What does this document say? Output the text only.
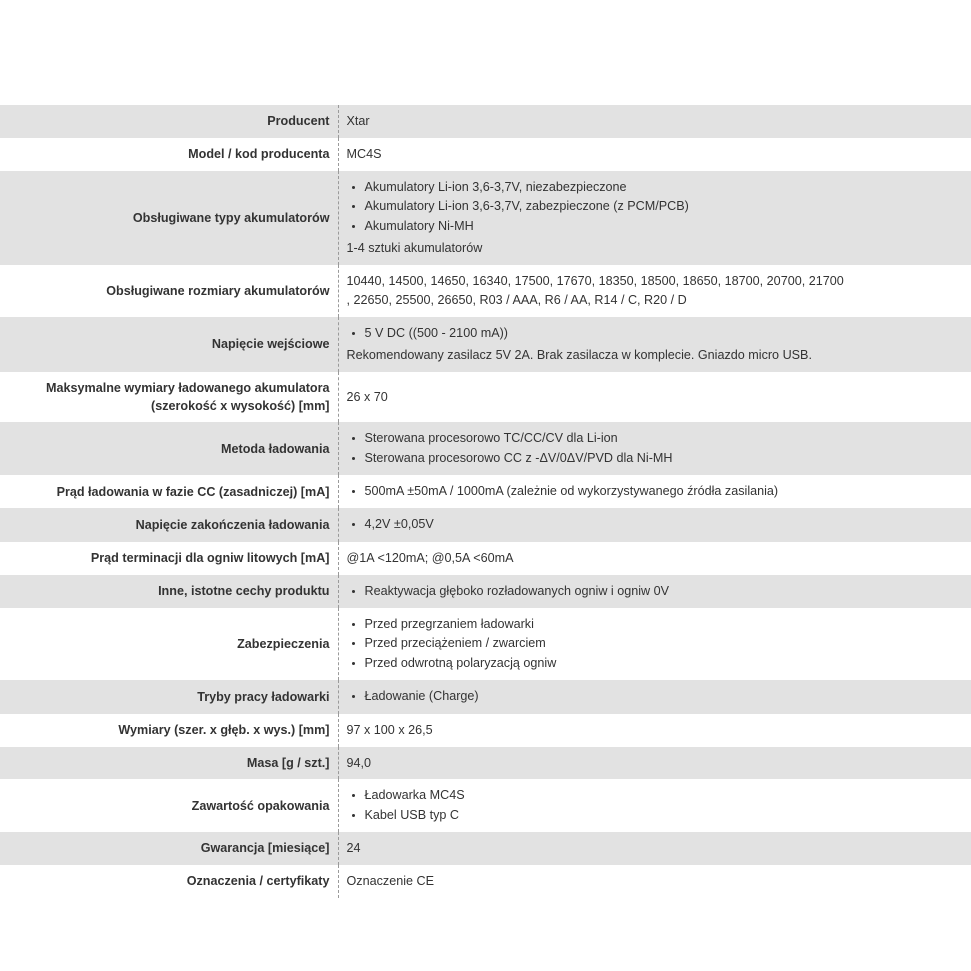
Producent	Xtar

Model / kod producenta	MC4S

Obsługiwane typy akumulatorów	
• Akumulatory Li-ion 3,6-3,7V, niezabezpieczone
• Akumulatory Li-ion 3,6-3,7V, zabezpieczone (z PCM/PCB)
• Akumulatory Ni-MH
1-4 sztuki akumulatorów

Obsługiwane rozmiary akumulatorów	10440, 14500, 14650, 16340, 17500, 17670, 18350, 18500, 18650, 18700, 20700, 21700
, 22650, 25500, 26650, R03 / AAA, R6 / AA, R14 / C, R20 / D

Napięcie wejściowe	
• 5 V DC ((500 - 2100 mA))
Rekomendowany zasilacz 5V 2A. Brak zasilacza w komplecie. Gniazdo micro USB.

Maksymalne wymiary ładowanego akumulatora (szerokość x wysokość) [mm]	26 x 70

Metoda ładowania	
• Sterowana procesorowo TC/CC/CV dla Li-ion
• Sterowana procesorowo CC z -ΔV/0ΔV/PVD dla Ni-MH

Prąd ładowania w fazie CC (zasadniczej) [mA]	
•500mA ±50mA / 1000mA (zależnie od wykorzystywanego źródła zasilania)

Napięcie zakończenia ładowania	
•4,2V ±0,05V

Prąd terminacji dla ogniw litowych [mA]	@1A <120mA; @0,5A <60mA

Inne, istotne cechy produktu	
•Reaktywacja głęboko rozładowanych ogniw i ogniw 0V

Zabezpieczenia	
• Przed przegrzaniem ładowarki
• Przed przeciążeniem / zwarciem
• Przed odwrotną polaryzacją ogniw

Tryby pracy ładowarki	
•Ładowanie (Charge)

Wymiary (szer. x głęb. x wys.) [mm]	97 x 100 x 26,5

Masa [g / szt.]	94,0

Zawartość opakowania	
• Ładowarka MC4S
• Kabel USB typ C

Gwarancja [miesiące]	24

Oznaczenia / certyfikaty	Oznaczenie CE
